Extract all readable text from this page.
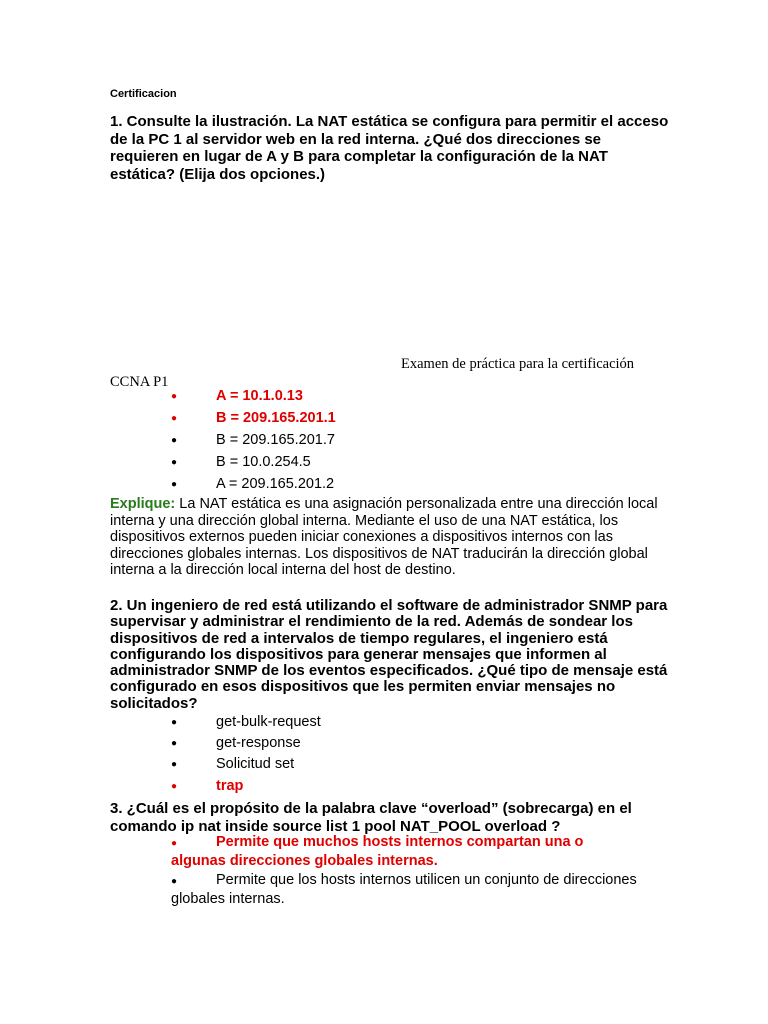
Certificacion
1. Consulte la ilustración. La NAT estática se configura para permitir el acceso de la PC 1 al servidor web en la red interna. ¿Qué dos direcciones se requieren en lugar de A y B para completar la configuración de la NAT estática? (Elija dos opciones.)
Examen de práctica para la certificación
CCNA P1
●	A = 10.1.0.13
●	B = 209.165.201.1
●	B = 209.165.201.7
●	B = 10.0.254.5
●	A = 209.165.201.2
Explique: La NAT estática es una asignación personalizada entre una dirección local interna y una dirección global interna. Mediante el uso de una NAT estática, los dispositivos externos pueden iniciar conexiones a dispositivos internos con las direcciones globales internas. Los dispositivos de NAT traducirán la dirección global interna a la dirección local interna del host de destino.
2. Un ingeniero de red está utilizando el software de administrador SNMP para supervisar y administrar el rendimiento de la red. Además de sondear los dispositivos de red a intervalos de tiempo regulares, el ingeniero está configurando los dispositivos para generar mensajes que informen al administrador SNMP de los eventos especificados. ¿Qué tipo de mensaje está configurado en esos dispositivos que les permiten enviar mensajes no solicitados?
●	get-bulk-request
●	get-response
●	Solicitud set
●	trap
3. ¿Cuál es el propósito de la palabra clave “overload” (sobrecarga) en el comando ip nat inside source list 1 pool NAT_POOL overload ?
●	Permite que muchos hosts internos compartan una o algunas direcciones globales internas.
●	Permite que los hosts internos utilicen un conjunto de direcciones globales internas.
